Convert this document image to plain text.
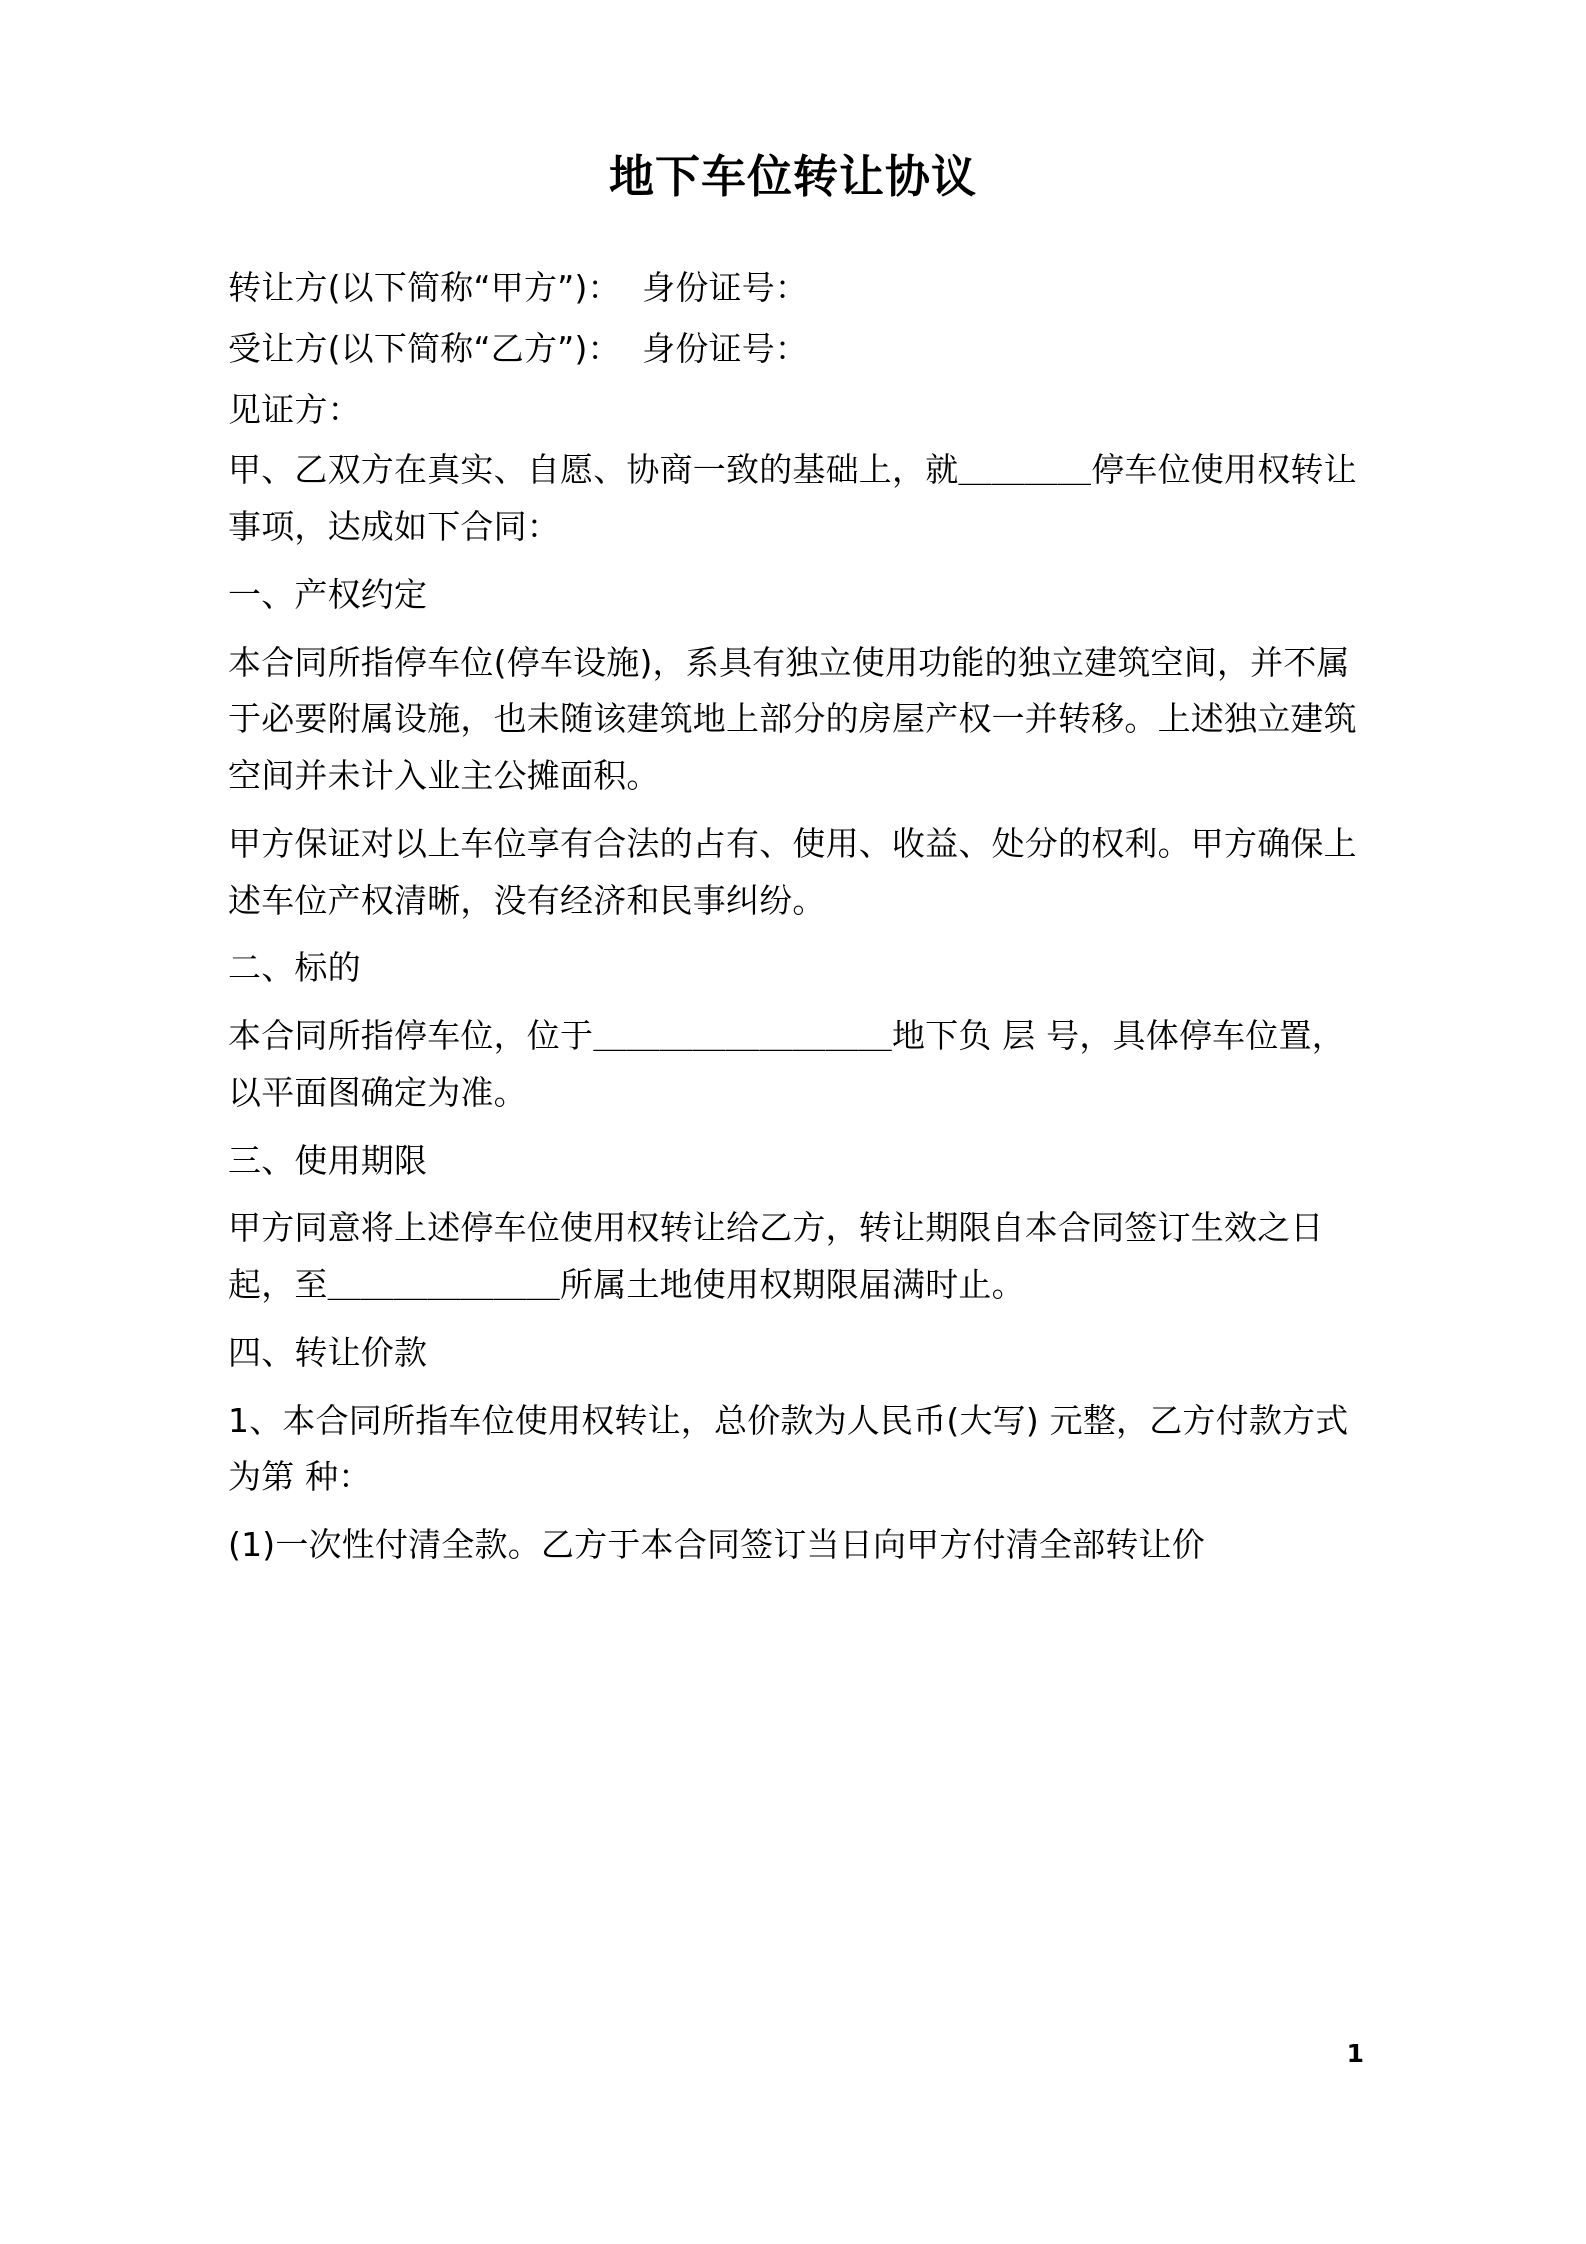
地下车位转让协议

转让方(以下简称“甲方”)：  身份证号：

受让方(以下简称“乙方”)：  身份证号：

见证方：

甲、乙双方在真实、自愿、协商一致的基础上，就＿＿＿＿停车位使用权转让事项，达成如下合同：

一、产权约定

本合同所指停车位(停车设施)，系具有独立使用功能的独立建筑空间，并不属于必要附属设施，也未随该建筑地上部分的房屋产权一并转移。上述独立建筑空间并未计入业主公摊面积。

甲方保证对以上车位享有合法的占有、使用、收益、处分的权利。甲方确保上述车位产权清晰，没有经济和民事纠纷。

二、标的

本合同所指停车位，位于＿＿＿＿＿＿＿＿＿地下负 层 号，具体停车位置，以平面图确定为准。

三、使用期限

甲方同意将上述停车位使用权转让给乙方，转让期限自本合同签订生效之日起，至＿＿＿＿＿＿＿所属土地使用权期限届满时止。

四、转让价款

1、本合同所指车位使用权转让，总价款为人民币(大写) 元整，乙方付款方式为第 种：

(1)一次性付清全款。乙方于本合同签订当日向甲方付清全部转让价

1
